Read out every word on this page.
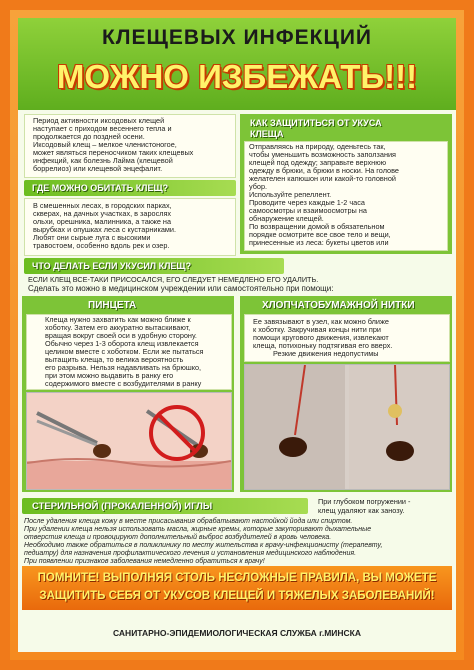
КЛЕЩЕВЫХ ИНФЕКЦИЙ
МОЖНО ИЗБЕЖАТЬ!!!
Период активности иксодовых клещей
наступает с приходом весеннего тепла и
продолжается до поздней осени.
Иксодовый клещ – мелкое членистоногое,
может являться переносчиком таких клещевых
инфекций, как болезнь Лайма (клещевой
боррелиоз) или клещевой энцефалит.
ГДЕ МОЖНО ОБИТАТЬ КЛЕЩ?
В смешенных лесах, в городских парках,
скверах, на дачных участках, в зарослях
ольхи, орешника, малинника, а также на
вырубках и опушках леса с кустарниками.
Любят они сырые луга с высокими
травостоем, особенно вдоль рек и озер.
КАК ЗАЩИТИТЬСЯ ОТ УКУСА
КЛЕЩА
Отправляясь на природу, оденьтесь так,
чтобы уменьшить возможность заползания
клещей под одежду; заправьте верхнюю
одежду в брюки, а брюки в носки. На голове
желателен капюшон или какой-то головной
убор.
Используйте репеллент.
Проводите через каждые 1-2 часа
самоосмотры и взаимоосмотры на
обнаружение клещей.
По возвращении домой в обязательном
порядке осмотрите все свое тело и вещи,
принесенные из леса: букеты цветов или
ЧТО ДЕЛАТЬ ЕСЛИ УКУСИЛ КЛЕЩ?
ЕСЛИ КЛЕЩ ВСЕ-ТАКИ ПРИСОСАЛСЯ, ЕГО СЛЕДУЕТ НЕМЕДЛЕНО ЕГО УДАЛИТЬ.
Сделать это можно в медицинском учреждении или самостоятельно при помощи:
ПИНЦЕТА
Клеща нужно захватить как можно ближе к
хоботку. Затем его аккуратно вытаскивают,
вращая вокруг своей оси в удобную сторону.
Обычно через 1-3 оборота клещ извлекается
целиком вместе с хоботком. Если же пытаться
вытащить клеща, то велика вероятность
его разрыва. Нельзя надавливать на брюшко,
при этом можно выдавить в ранку его
содержимого вместе с возбудителями в ранку
ХЛОПЧАТОБУМАЖНОЙ НИТКИ
Ее завязывают в узел, как можно ближе
к хоботку. Закручивая концы нити при
помощи кругового движения, извлекают
клеща, потихоньку подтягивая его вверх.
Резкие движения недопустимы
СТЕРИЛЬНОЙ (ПРОКАЛЕННОЙ) ИГЛЫ	При глубоком погружении -
клещ удаляют как занозу.
После удаления клеща кожу в месте присасывания обрабатывают настойкой йода или спиртом.
При удалении клеща нельзя использовать масла, жирные кремы, которые закупоривают дыхательные
отверстия клеща и провоцируют дополнительный выброс возбудителей в кровь человека.
Необходимо также обратиться в поликлинику по месту жительства к врачу-инфекционисту (терапевту,
педиатру) для назначения профилактического лечения и установления медицинского наблюдения.
При появлении признаков заболевания немедленно обратиться к врачу!
ПОМНИТЕ! ВЫПОЛНЯЯ СТОЛЬ НЕСЛОЖНЫЕ ПРАВИЛА, ВЫ МОЖЕТЕ
ЗАЩИТИТЬ СЕБЯ ОТ УКУСОВ КЛЕЩЕЙ И ТЯЖЕЛЫХ ЗАБОЛЕВАНИЙ!
САНИТАРНО-ЭПИДЕМИОЛОГИЧЕСКАЯ СЛУЖБА г.МИНСКА
